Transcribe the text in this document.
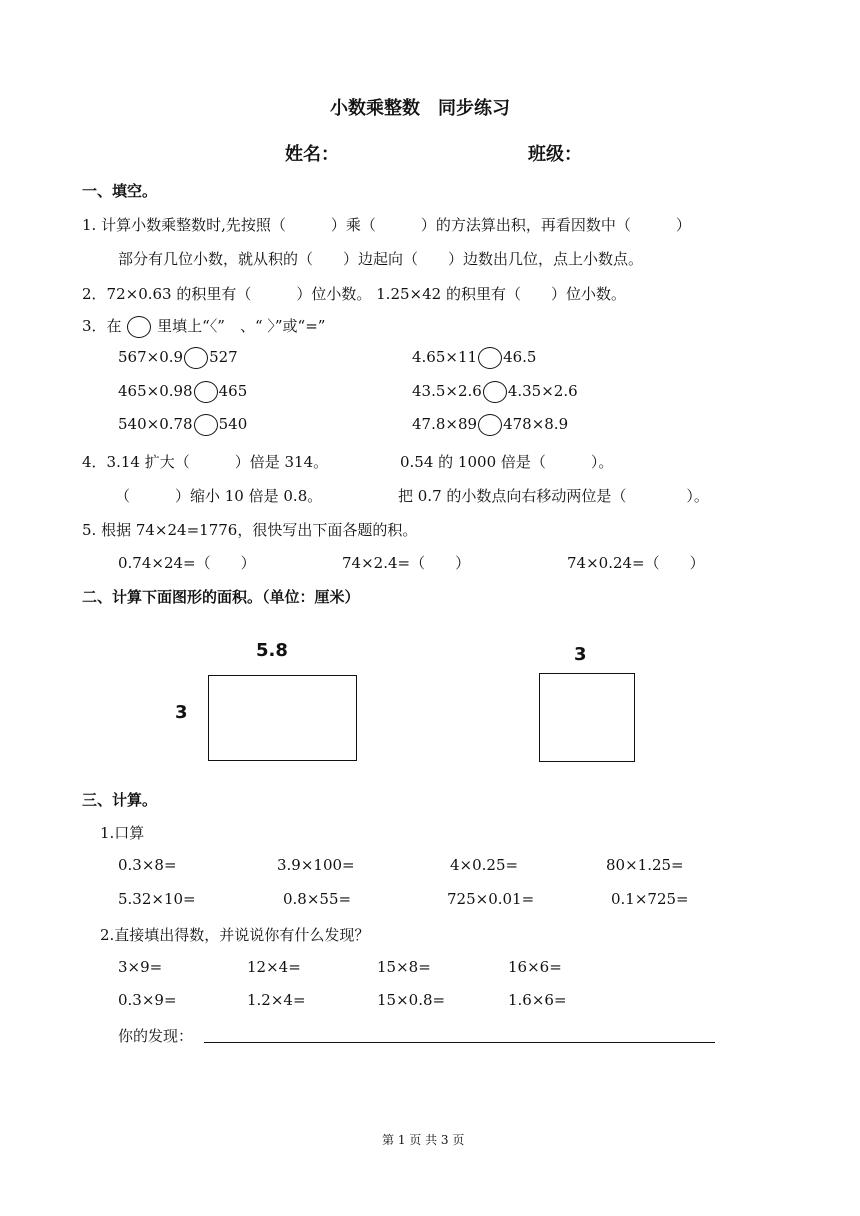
小数乘整数　同步练习
姓名：	班级：
一、填空。
1. 计算小数乘整数时,先按照（　　　）乘（　　　）的方法算出积，再看因数中（　　　）
部分有几位小数，就从积的（　　）边起向（　　）边数出几位，点上小数点。
2．72×0.63 的积里有（　　　）位小数。 1.25×42 的积里有（　　）位小数。
3．在 里填上“〈”　、“ 〉”或“=”
567×0.9 527	4.65×11 46.5
465×0.98 465	43.5×2.6 4.35×2.6
540×0.78 540	47.8×89 478×8.9
4．3.14 扩大（　　　）倍是 314。	0.54 的 1000 倍是（　　　）。
（　　　）缩小 10 倍是 0.8。	把 0.7 的小数点向右移动两位是（　　　　）。
5. 根据 74×24=1776，很快写出下面各题的积。
0.74×24=（　　）	74×2.4=（　　）	74×0.24=（　　）
二、计算下面图形的面积。（单位：厘米）
5.8
3
3
三、计算。
1.口算
0.3×8=	3.9×100=	4×0.25=	80×1.25=
5.32×10=	0.8×55=	725×0.01=	0.1×725=
2.直接填出得数，并说说你有什么发现？
3×9=	12×4=	15×8=	16×6=
0.3×9=	1.2×4=	15×0.8=	1.6×6=
你的发现：
第 1 页 共 3 页
